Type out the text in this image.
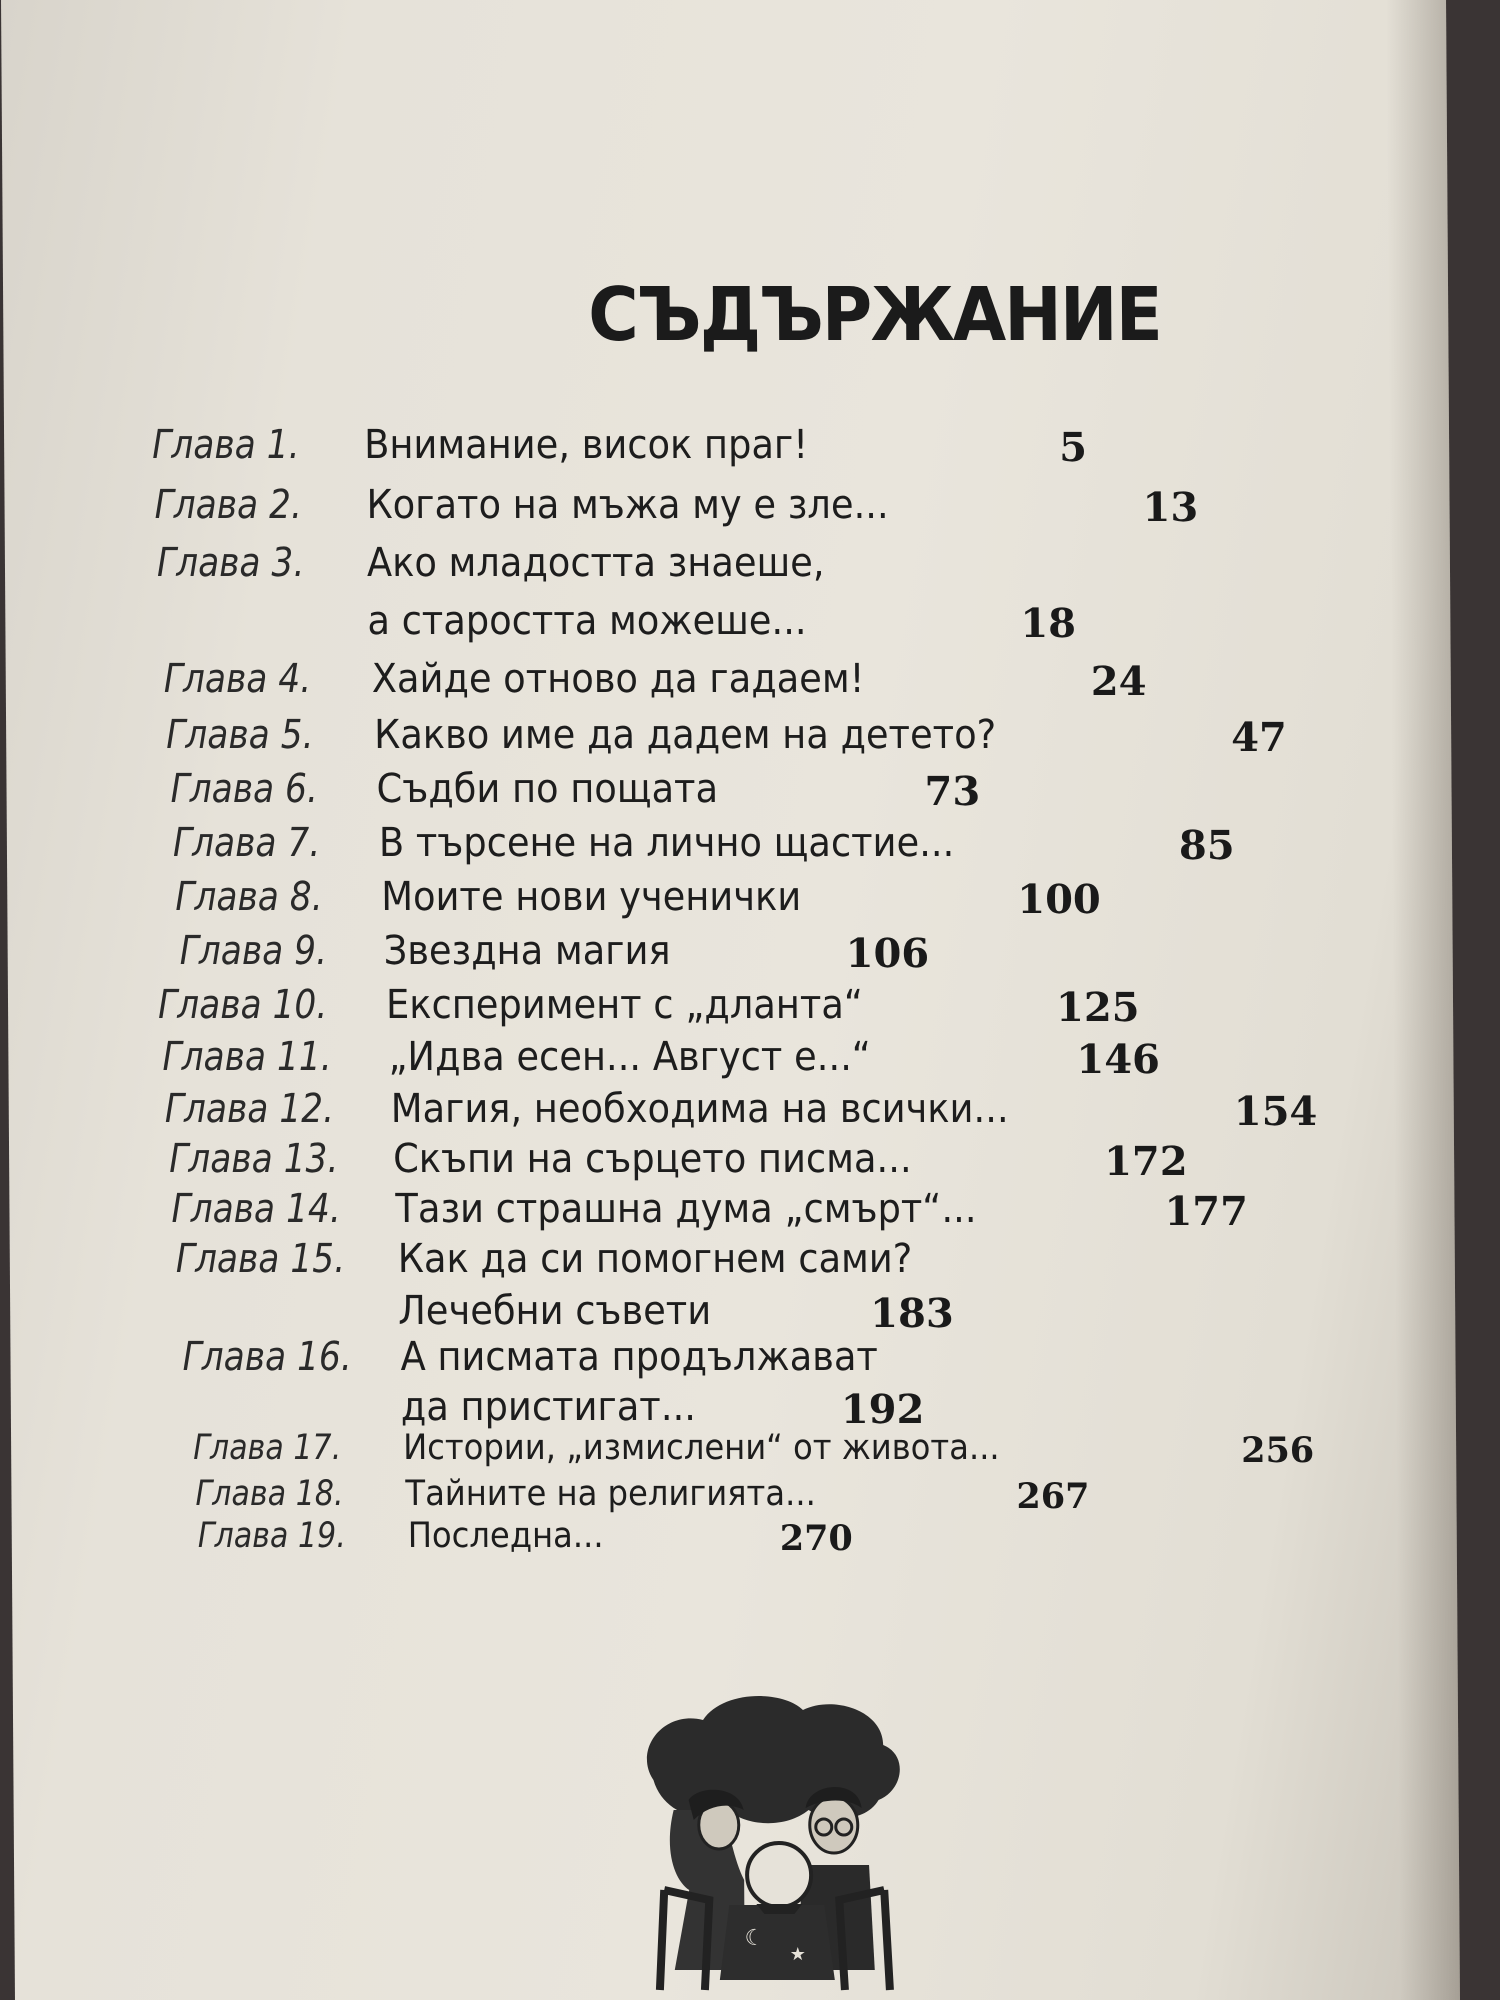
СЪДЪРЖАНИЕ
Глава 1. Внимание, висок праг!	5
Глава 2. Когато на мъжа му е зле...	13
Глава 3. Ако младостта знаеше,
а старостта можеше...	18
Глава 4. Хайде отново да гадаем!	24
Глава 5. Какво име да дадем на детето?	47
Глава 6. Съдби по пощата	73
Глава 7. В търсене на лично щастие...	85
Глава 8. Моите нови ученички	100
Глава 9. Звездна магия	106
Глава 10. Експеримент с „дланта“	125
Глава 11. „Идва есен... Август е...“	146
Глава 12. Магия, необходима на всички...	154
Глава 13. Скъпи на сърцето писма...	172
Глава 14. Тази страшна дума „смърт“...	177
Глава 15. Как да си помогнем сами?
Лечебни съвети	183
Глава 16. А писмата продължават
да пристигат...	192
Глава 17. Истории, „измислени“ от живота...	256
Глава 18. Тайните на религията...	267
Глава 19. Последна...	270
☾
★
